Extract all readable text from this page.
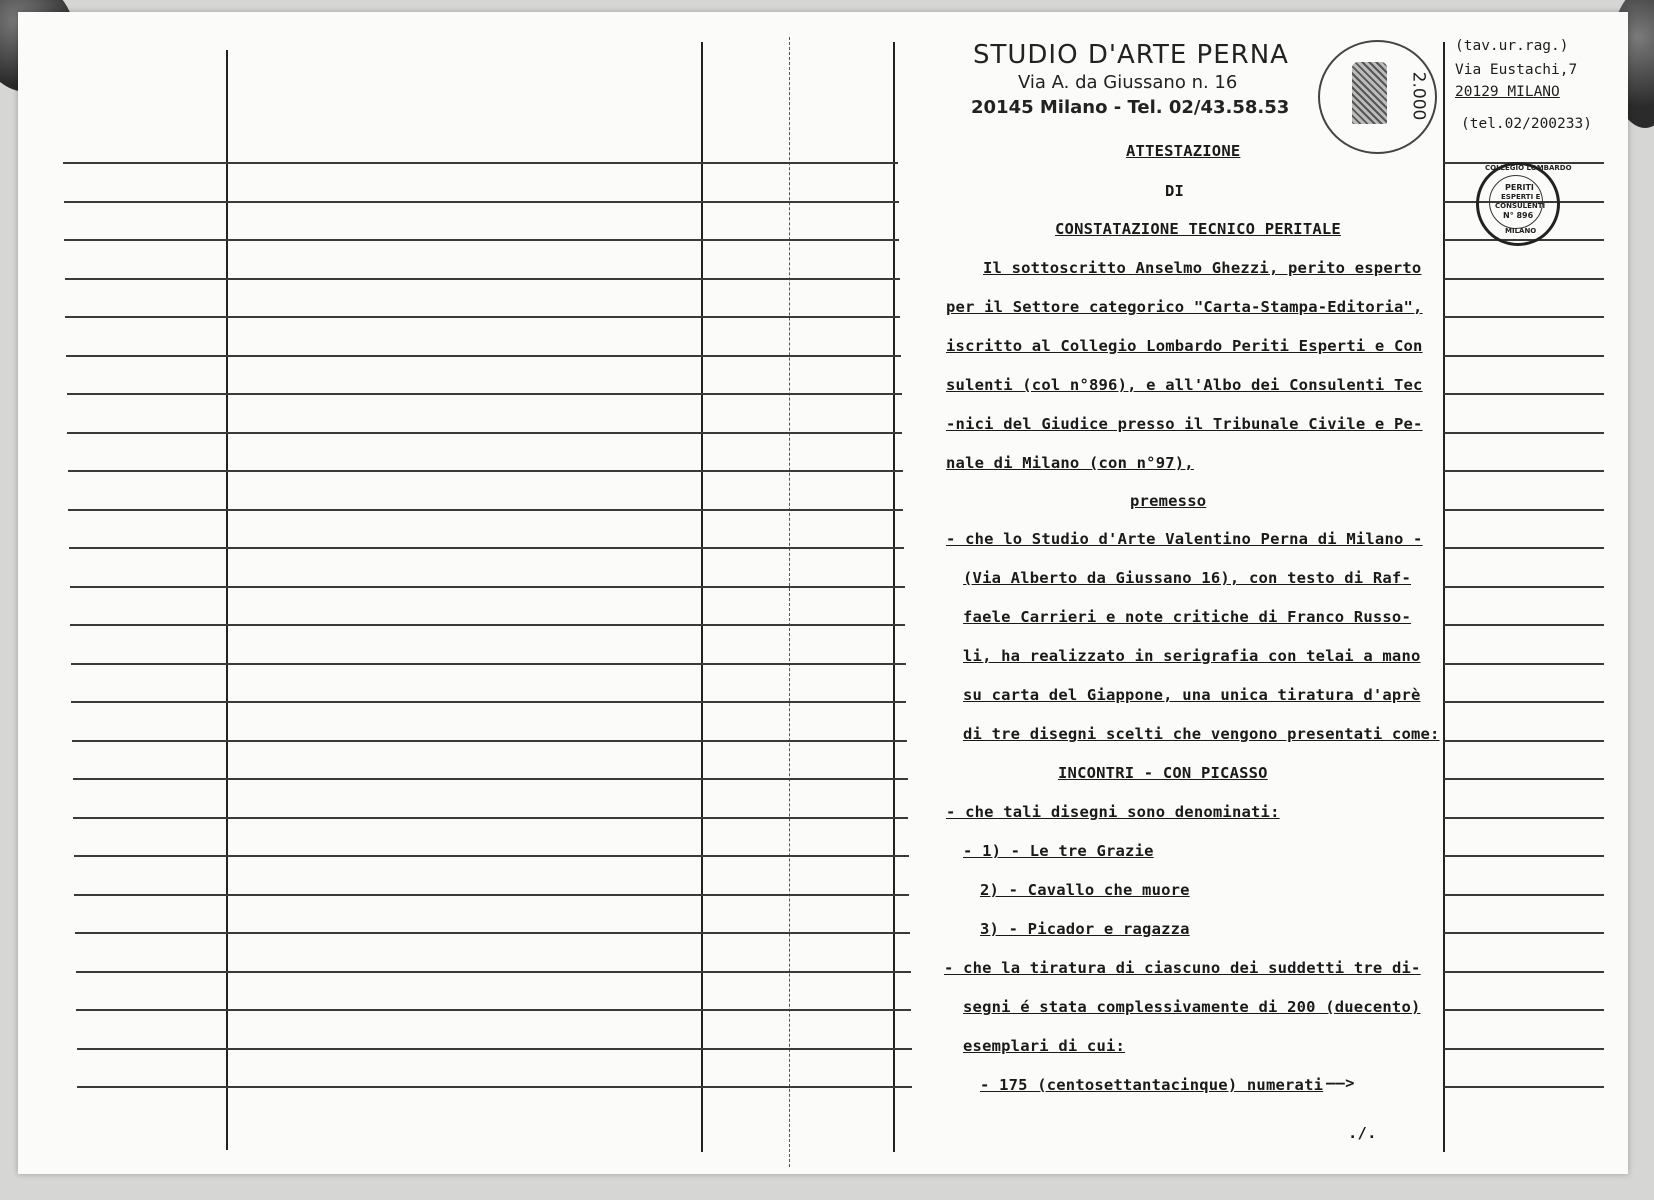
STUDIO D'ARTE PERNA
Via A. da Giussano n. 16
20145 Milano - Tel. 02/43.58.53	2.000
(tav.ur.rag.)
Via Eustachi,7
20129 MILANO
(tel.02/200233)
COLLEGIO LOMBARDO
PERITI
ESPERTI E
CONSULENTI
N° 896
MILANO
ATTESTAZIONE
DI
CONSTATAZIONE TECNICO PERITALE
Il sottoscritto Anselmo Ghezzi, perito esperto
per il Settore categorico "Carta-Stampa-Editoria",
iscritto al Collegio Lombardo Periti Esperti e Con
sulenti (col n°896), e all'Albo dei Consulenti Tec
-nici del Giudice presso il Tribunale Civile e Pe-
nale di Milano (con n°97),
premesso
- che lo Studio d'Arte Valentino Perna di Milano -
(Via Alberto da Giussano 16), con testo di Raf-
faele Carrieri e note critiche di Franco Russo-
li, ha realizzato in serigrafia con telai a mano
su carta del Giappone, una unica tiratura d'aprè
di tre disegni scelti che vengono presentati come:
INCONTRI - CON PICASSO
- che tali disegni sono denominati:
- 1) - Le tre Grazie
2) - Cavallo che muore
3) - Picador e ragazza
- che la tiratura di ciascuno dei suddetti tre di-
segni é stata complessivamente di 200 (duecento)
esemplari di cui:
- 175 (centosettantacinque) numerati ——>
./.
